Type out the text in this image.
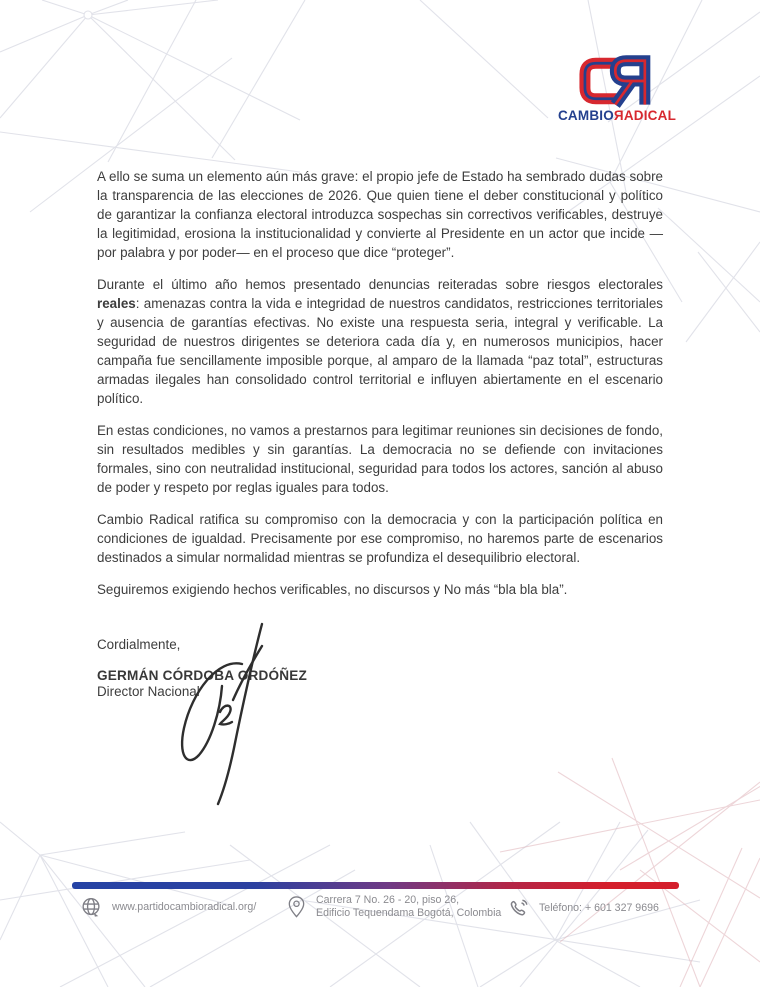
CAMBIOЯADICAL

A ello se suma un elemento aún más grave: el propio jefe de Estado ha sembrado dudas sobre la transparencia de las elecciones de 2026. Que quien tiene el deber constitucional y político de garantizar la confianza electoral introduzca sospechas sin correctivos verificables, destruye la legitimidad, erosiona la institucionalidad y convierte al Presidente en un actor que incide —por palabra y por poder— en el proceso que dice “proteger”.

Durante el último año hemos presentado denuncias reiteradas sobre riesgos electorales reales: amenazas contra la vida e integridad de nuestros candidatos, restricciones territoriales y ausencia de garantías efectivas. No existe una respuesta seria, integral y verificable. La seguridad de nuestros dirigentes se deteriora cada día y, en numerosos municipios, hacer campaña fue sencillamente imposible porque, al amparo de la llamada “paz total”, estructuras armadas ilegales han consolidado control territorial e influyen abiertamente en el escenario político.

En estas condiciones, no vamos a prestarnos para legitimar reuniones sin decisiones de fondo, sin resultados medibles y sin garantías. La democracia no se defiende con invitaciones formales, sino con neutralidad institucional, seguridad para todos los actores, sanción al abuso de poder y respeto por reglas iguales para todos.

Cambio Radical ratifica su compromiso con la democracia y con la participación política en condiciones de igualdad. Precisamente por ese compromiso, no haremos parte de escenarios destinados a simular normalidad mientras se profundiza el desequilibrio electoral.

Seguiremos exigiendo hechos verificables, no discursos y No más “bla bla bla”.

Cordialmente,

GERMÁN CÓRDOBA ORDÓÑEZ
Director Nacional
www.partidocambioradical.org/
Carrera 7 No. 26 - 20, piso 26,
Edificio Tequendama Bogotá, Colombia	Teléfono: + 601 327 9696
